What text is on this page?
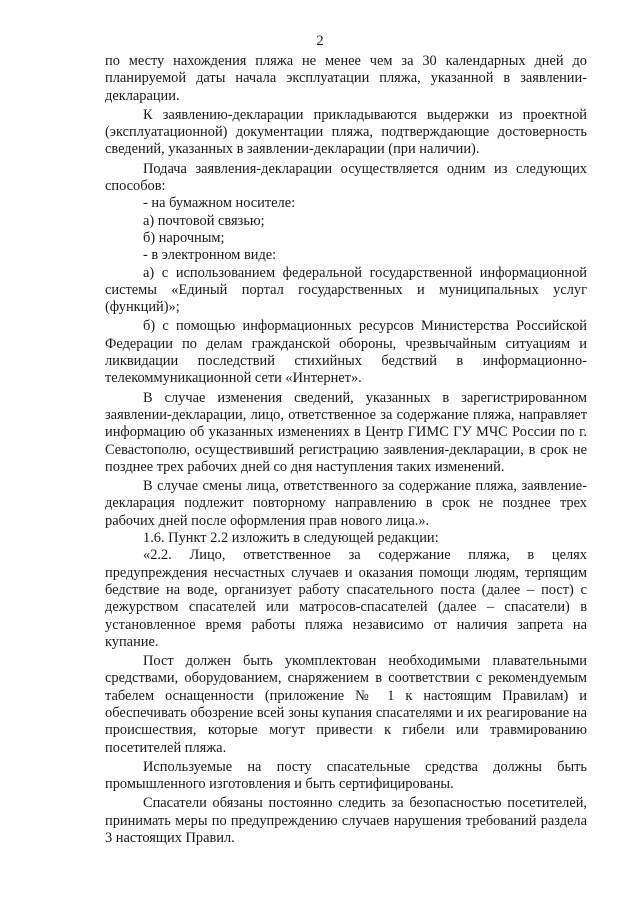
2

по месту нахождения пляжа не менее чем за 30 календарных дней до планируемой даты начала эксплуатации пляжа, указанной в заявлении-декларации.

К заявлению-декларации прикладываются выдержки из проектной (эксплуатационной) документации пляжа, подтверждающие достоверность сведений, указанных в заявлении-декларации (при наличии).

Подача заявления-декларации осуществляется одним из следующих способов:

- на бумажном носителе:

а) почтовой связью;

б) нарочным;

- в электронном виде:

а) с использованием федеральной государственной информационной системы «Единый портал государственных и муниципальных услуг (функций)»;

б) с помощью информационных ресурсов Министерства Российской Федерации по делам гражданской обороны, чрезвычайным ситуациям и ликвидации последствий стихийных бедствий в информационно-телекоммуникационной сети «Интернет».

В случае изменения сведений, указанных в зарегистрированном заявлении-декларации, лицо, ответственное за содержание пляжа, направляет информацию об указанных изменениях в Центр ГИМС ГУ МЧС России по г. Севастополю, осуществивший регистрацию заявления-декларации, в срок не позднее трех рабочих дней со дня наступления таких изменений.

В случае смены лица, ответственного за содержание пляжа, заявление-декларация подлежит повторному направлению в срок не позднее трех рабочих дней после оформления прав нового лица.».

1.6. Пункт 2.2 изложить в следующей редакции:

«2.2. Лицо, ответственное за содержание пляжа, в целях предупреждения несчастных случаев и оказания помощи людям, терпящим бедствие на воде, организует работу спасательного поста (далее – пост) с дежурством спасателей или матросов-спасателей (далее – спасатели) в установленное время работы пляжа независимо от наличия запрета на купание.

Пост должен быть укомплектован необходимыми плавательными средствами, оборудованием, снаряжением в соответствии с рекомендуемым табелем оснащенности (приложение № 1 к настоящим Правилам) и обеспечивать обозрение всей зоны купания спасателями и их реагирование на происшествия, которые могут привести к гибели или травмированию посетителей пляжа.

Используемые на посту спасательные средства должны быть промышленного изготовления и быть сертифицированы.

Спасатели обязаны постоянно следить за безопасностью посетителей, принимать меры по предупреждению случаев нарушения требований раздела 3 настоящих Правил.
